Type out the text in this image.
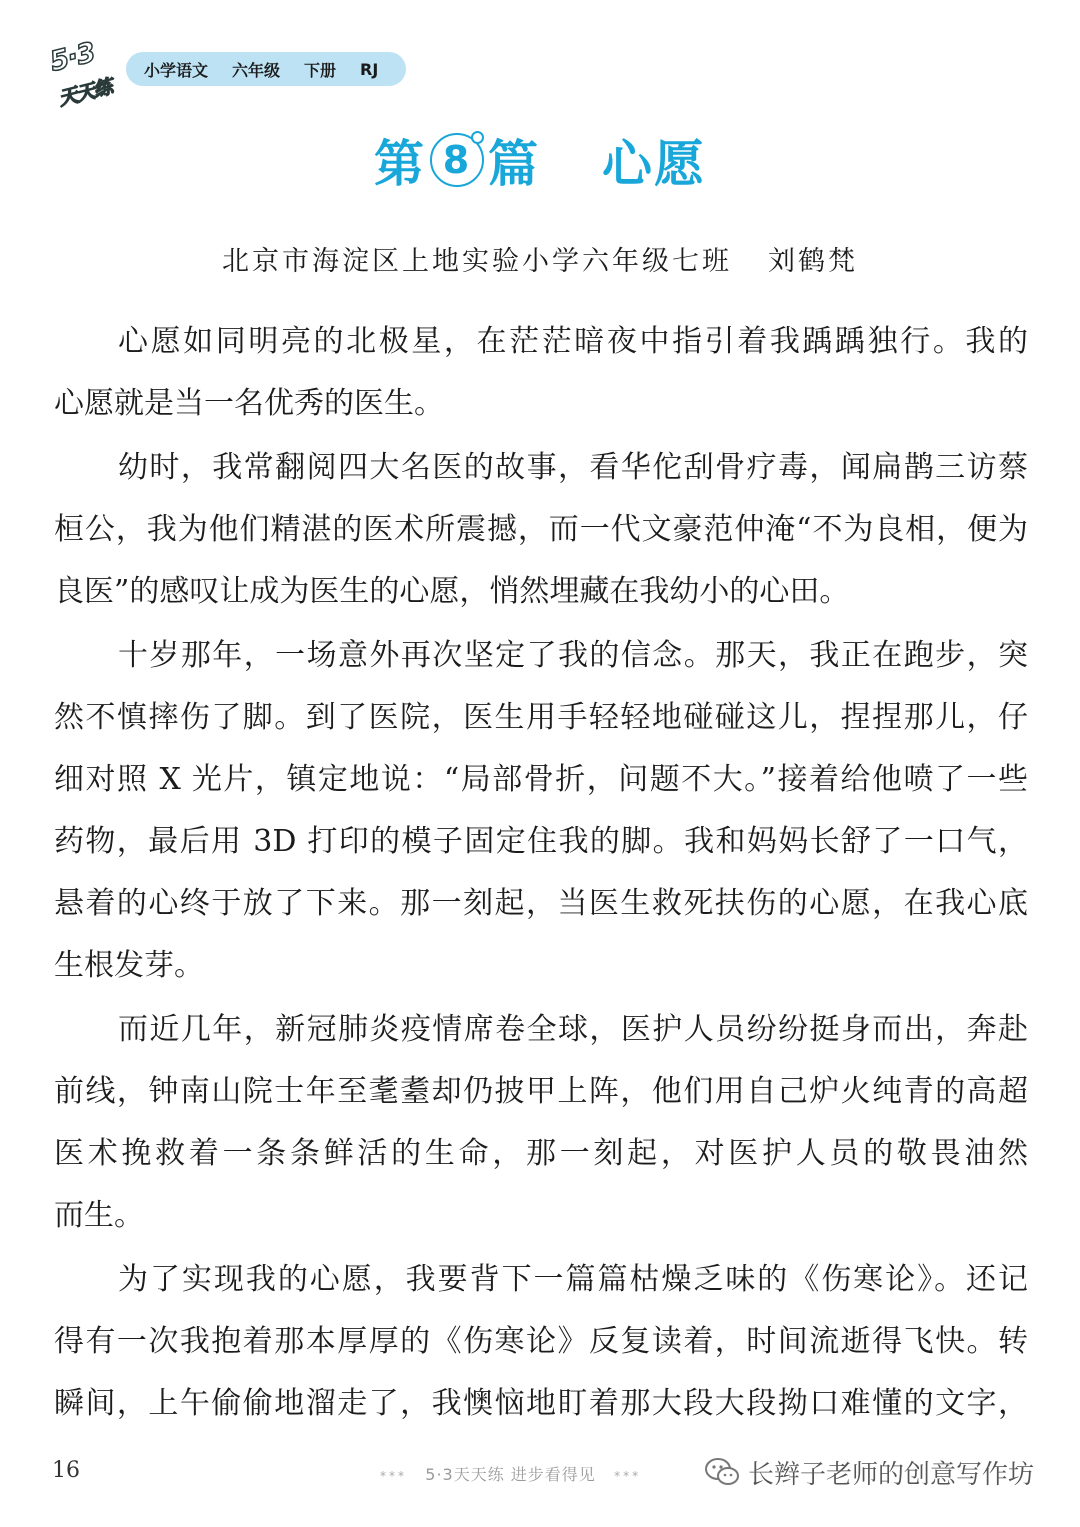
5·3
天天练
小学语文 六年级 下册 RJ
第 8 篇 心愿
北京市海淀区上地实验小学六年级七班 刘鹤梵
心愿如同明亮的北极星，在茫茫暗夜中指引着我踽踽独行。我的
心愿就是当一名优秀的医生。
幼时，我常翻阅四大名医的故事，看华佗刮骨疗毒，闻扁鹊三访蔡
桓公，我为他们精湛的医术所震撼，而一代文豪范仲淹“不为良相，便为
良医”的感叹让成为医生的心愿，悄然埋藏在我幼小的心田。
十岁那年，一场意外再次坚定了我的信念。那天，我正在跑步，突
然不慎摔伤了脚。到了医院，医生用手轻轻地碰碰这儿，捏捏那儿，仔
细对照 X 光片，镇定地说：“局部骨折，问题不大。”接着给他喷了一些
药物，最后用 3D 打印的模子固定住我的脚。我和妈妈长舒了一口气，
悬着的心终于放了下来。那一刻起，当医生救死扶伤的心愿，在我心底
生根发芽。
而近几年，新冠肺炎疫情席卷全球，医护人员纷纷挺身而出，奔赴
前线，钟南山院士年至耄耋却仍披甲上阵，他们用自己炉火纯青的高超
医术挽救着一条条鲜活的生命，那一刻起，对医护人员的敬畏油然
而生。
为了实现我的心愿，我要背下一篇篇枯燥乏味的《伤寒论》。还记
得有一次我抱着那本厚厚的《伤寒论》反复读着，时间流逝得飞快。转
瞬间，上午偷偷地溜走了，我懊恼地盯着那大段大段拗口难懂的文字，
16	*** 5·3天天练 进步看得见 ***	长辫子老师的创意写作坊
